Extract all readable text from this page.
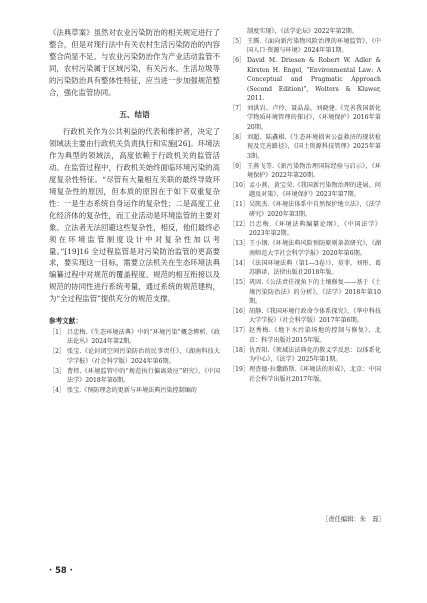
《法典草案》虽然对农业污染防治的相关规定进行了整合，但是对现行法中有关农村生活污染防治的内容整合尚显不足。与农业污染防治作为产业活动监管不同，农村污染属于区域污染，有关污水、生活垃圾等的污染防治具有整体性特征，应当进一步加强规范整合，强化监管协同。

五、结语

行政机关作为公共利益的代表和维护者，决定了领域法主要由行政机关负责执行和实施[26]。环境法作为典型的领域法，高度依赖于行政机关的监管活动。在监管过程中，行政机关始终面临环境污染的高度复杂性特征。“尽管有大量相互关联的最终导致环境复杂性的原因，但本质的原因在于如下双重复杂性：一是生态系统自身运作的复杂性；二是高度工业化经济体的复杂性，而工业活动是环境监管的主要对象。立法者无法回避这些复杂性，相反，他们最终必须在环境监管制度设计中对复杂性加以考量。”[19]16 全过程监管是对污染防治监管的更高要求，要实现这一目标，需要立法机关在生态环境法典编纂过程中对规范的覆盖程度、规范的相互衔接以及规范的协同性进行系统考量，通过系统的规范建构，为“全过程监管”提供充分的规范支撑。

参考文献：
［1］ 吕忠梅.《生态环境法典》中的“环境污染”概念辨析.《政法论丛》2024年第2期。
［2］ 张宝.《论封闭空间污染防治的民事责任》，《湖南科技大学学报》（社会科学版）2024年第6期。
［3］ 曹炜.《环境监管中的“规范执行偏离效应”研究》，《中国法学》2018年第6期。
［4］ 张宝.《预防理念的更新与环境法典污染控制编的
制度实现》，《法学论坛》2022年第2期。
［5］ 王腾.《面向新污染物风险治理的环境监管》，《中国人口·资源与环境》2024年第1期。
［6］ David M. Driesen & Robert W. Adler & Kirsten H. Engel, “Environmental Law: A Conceptual and Pragmatic Approach (Second Edition)”, Wolters & Kluwer, 2011.
［7］ 刘洪岩、卢玲、聂晶晶、刘晓建.《完善我国新化学物质环境管理的探讨》，《环境保护》2016年第20期。
［8］ 刘超、陆鑫棋.《生态环境损害公益救济的现状检视及完善路径》，《国土资源科技管理》2025年第3期。
［9］ 王燕飞等.《新污染物治理国际经验与启示》，《环境保护》2022年第20期。
［10］ 孟小燕、黄宝荣.《我国新污染物治理的进展、问题及对策》，《环境保护》2023年第7期。
［11］ 吴凯杰.《环境法体系中自然保护地立法》，《法学研究》2020年第3期。
［12］ 吕忠梅.《环境法典编纂论纲》，《中国法学》2023年第2期。
［13］ 王小钢.《环境法典风险预防原则条款研究》，《湖南师范大学社会科学学报》2020年第6期。
［14］ 《法国环境法典（第1—3卷）》，莫菲、刘彤、葛苏聃译，法律出版社2018年版。
［15］ 巩固.《公法责任视角下的土壤修复——基于《土壤污染防治法》的分析》，《法学》2018年第10期。
［16］ 胡静.《我国环境行政命令体系探究》，《华中科技大学学报》（社会科学版）2017年第6期。
［17］ 赵秀梅.《地下水污染场地的控制与修复》，北京：科学出版社2015年版。
［18］ 仇晋阳.《领域法法典化的教义学反思：以体系化为中心》，《法学》2025年第1期。
［19］ 理查德·拉撒路斯.《环境法的形成》，北京：中国社会科学出版社2017年版。
［责任编辑：朱　磊］
· 58 ·
